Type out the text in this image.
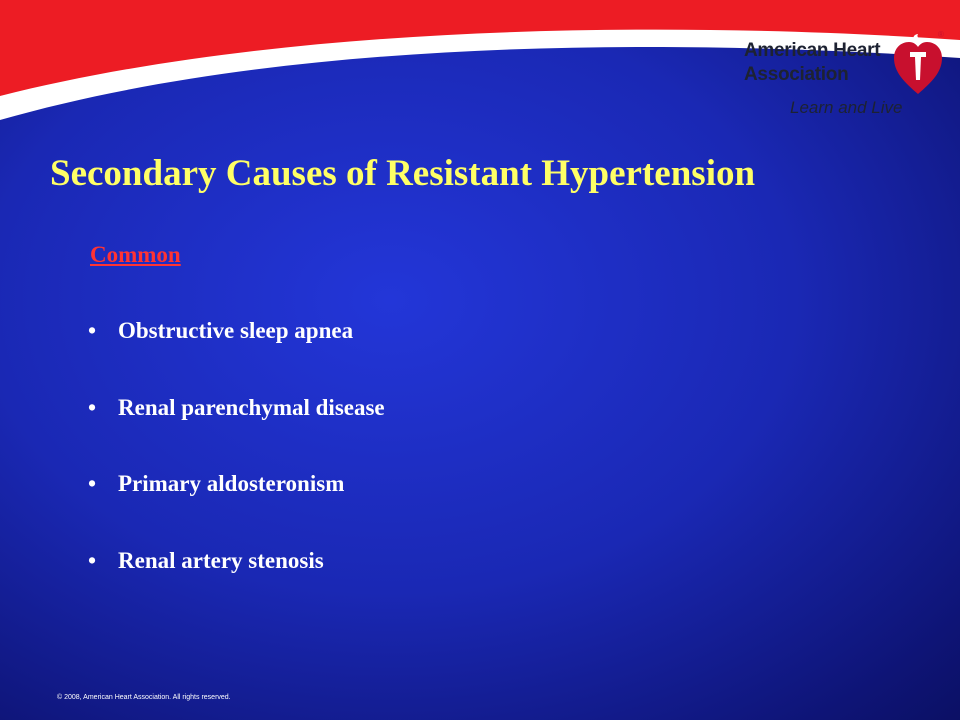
American Heart
Association
Learn and Live
®
Secondary Causes of Resistant Hypertension
Common
• Obstructive sleep apnea
• Renal parenchymal disease
• Primary aldosteronism
• Renal artery stenosis
© 2008, American Heart Association. All rights reserved.
